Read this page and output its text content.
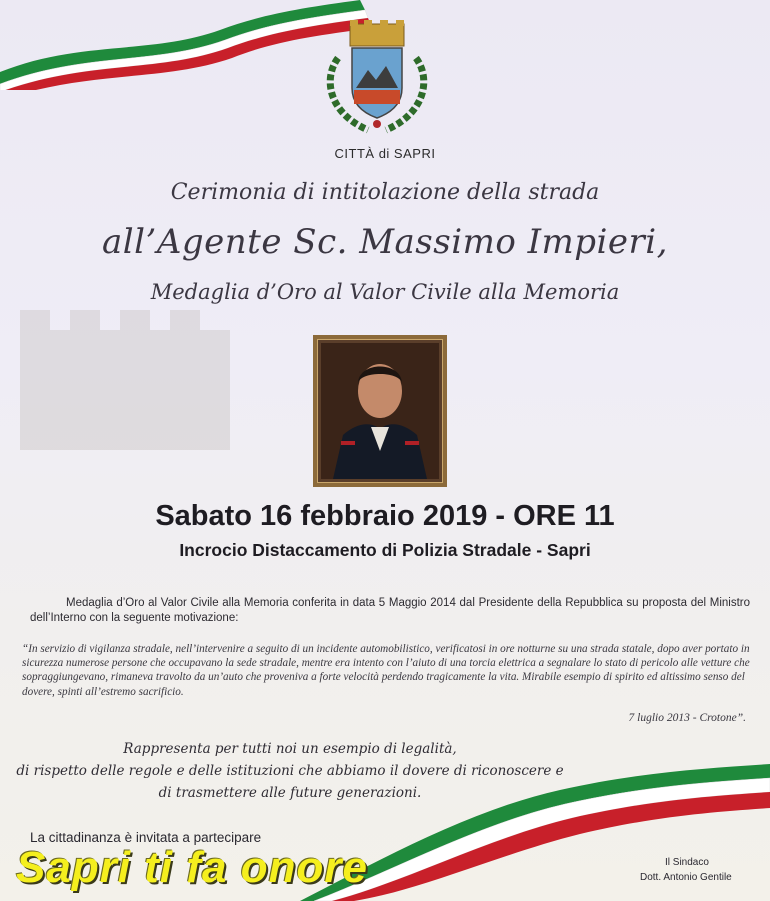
CITTÀ di SAPRI
Cerimonia di intitolazione della strada
all’Agente Sc. Massimo Impieri,
Medaglia d’Oro al Valor Civile alla Memoria
Sabato 16 febbraio 2019 - ORE 11
Incrocio Distaccamento di Polizia Stradale - Sapri
Medaglia d’Oro al Valor Civile alla Memoria conferita in data 5 Maggio 2014 dal Presidente della Repubblica su proposta del Ministro dell’Interno con la seguente motivazione:
“In servizio di vigilanza stradale, nell’intervenire a seguito di un incidente automobilistico, verificatosi in ore notturne su una strada statale, dopo aver portato in sicurezza numerose persone che occupavano la sede stradale, mentre era intento con l’aiuto di una torcia elettrica a segnalare lo stato di pericolo alle vetture che sopraggiungevano, rimaneva travolto da un’auto che proveniva a forte velocità perdendo tragicamente la vita. Mirabile esempio di spirito ed altissimo senso del dovere, spinti all’estremo sacrificio.
7 luglio 2013 - Crotone”.
Rappresenta per tutti noi un esempio di legalità,
di rispetto delle regole e delle istituzioni che abbiamo il dovere di riconoscere e
di trasmettere alle future generazioni.
La cittadinanza è invitata a partecipare
Sapri ti fa onore	Il Sindaco
Dott. Antonio Gentile
